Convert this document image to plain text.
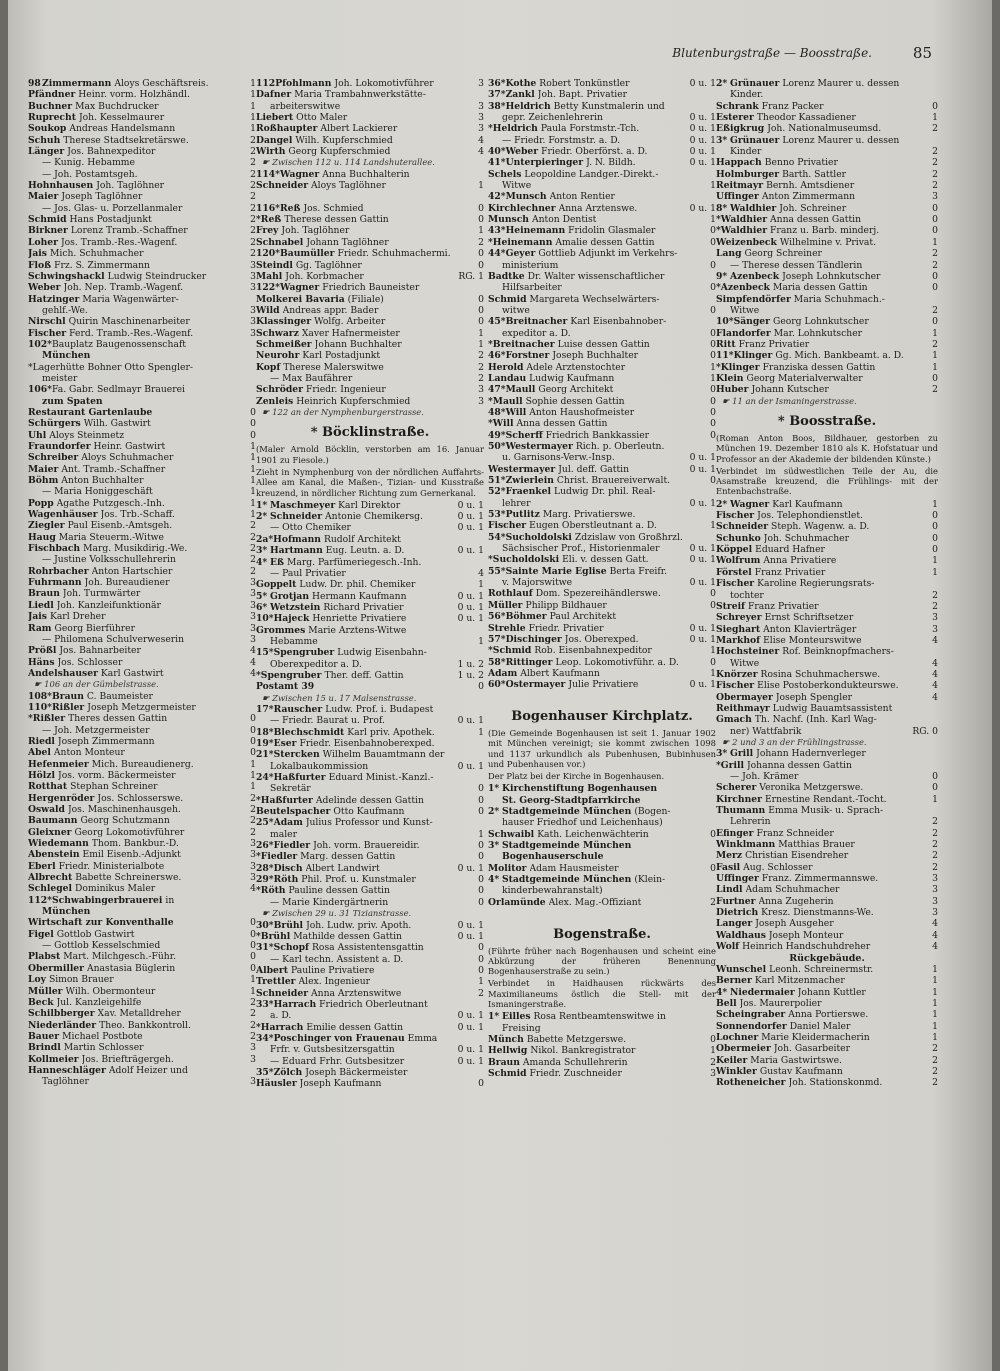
Blutenburgstraße — Boosstraße.	85
98 Zimmermann Aloys Geschäftsreis.	1
Pfändner Heinr. vorm. Holzhändl.	1
Buchner Max Buchdrucker	1
Ruprecht Joh. Kesselmaurer	1
Soukop Andreas Handelsmann	1
Schuh Therese Stadtsekretärswe.	2
Länger Jos. Bahnexpeditor	2
— Kunig. Hebamme	2
— Joh. Postamtsgeh.	2
Hohnhausen Joh. Taglöhner	2
Maier Joseph Taglöhner	2
— Jos. Glas- u. Porzellanmaler	2
Schmid Hans Postadjunkt	2
Birkner Lorenz Tramb.-Schaffner	2
Loher Jos. Tramb.-Res.-Wagenf.	2
Jais Mich. Schuhmacher	2
Floß Frz. S. Zimmermann	3
Schwingshackl Ludwig Steindrucker	3
Weber Joh. Nep. Tramb.-Wagenf.	3
Hatzinger Maria Wagenwärter-
gehlf.-We.	3
Nirschl Quirin Maschinenarbeiter	3
Fischer Ferd. Tramb.-Res.-Wagenf.	3
102* Bauplatz Baugenossenschaft
München
*Lagerhütte Bohner Otto Spengler-
meister
106* Fa. Gabr. Sedlmayr Brauerei
zum Spaten
Restaurant Gartenlaube	0
Schürgers Wilh. Gastwirt	0
Uhl Aloys Steinmetz	0
Fraundorfer Heinr. Gastwirt	1
Schreiber Aloys Schuhmacher	1
Maier Ant. Tramb.-Schaffner	1
Böhm Anton Buchhalter	1
— Maria Honiggeschäft	1
Popp Agathe Putzgesch.-Inh.	1
Wagenhäuser Jos. Trb.-Schaff.	1
Ziegler Paul Eisenb.-Amtsgeh.	2
Haug Maria Steuerm.-Witwe	2
Fischbach Marg. Musikdirig.-We.	2
— Justine Volksschullehrerin	2
Rohrbacher Anton Hartschier	2
Fuhrmann Joh. Bureaudiener	3
Braun Joh. Turmwärter	3
Liedl Joh. Kanzleifunktionär	3
Jais Karl Dreher	3
Ram Georg Bierführer	3
— Philomena Schulverweserin	3
Prößl Jos. Bahnarbeiter	4
Häns Jos. Schlosser	4
Andelshauser Karl Gastwirt	4
☛ 106 an der Gümbelstrasse.
108* Braun C. Baumeister
110* Rißler Joseph Metzgermeister
*Rißler Theres dessen Gattin	0
— Joh. Metzgermeister	0
Riedl Joseph Zimmermann	0
Abel Anton Monteur	0
Hefenmeier Mich. Bureaudienerg.	1
Hölzl Jos. vorm. Bäckermeister	1
Rotthat Stephan Schreiner	1
Hergenröder Jos. Schlosserswe.	2
Oswald Jos. Maschinenhausgeh.	2
Baumann Georg Schutzmann	2
Gleixner Georg Lokomotivführer	2
Wiedemann Thom. Bankbur.-D.	3
Abenstein Emil Eisenb.-Adjunkt	3
Eberl Friedr. Ministerialbote	3
Albrecht Babette Schreinerswe.	3
Schlegel Dominikus Maler	4
112* Schwabingerbrauerei in
München
Wirtschaft zur Konventhalle	0
Figel Gottlob Gastwirt	0
— Gottlob Kesselschmied	0
Plabst Mart. Milchgesch.-Führ.	0
Obermiller Anastasia Büglerin	0
Loy Simon Brauer	1
Müller Wilh. Obermonteur	1
Beck Jul. Kanzleigehilfe	2
Schilbberger Xav. Metalldreher	2
Niederländer Theo. Bankkontroll.	2
Bauer Michael Postbote	2
Brindl Martin Schlosser	3
Kollmeier Jos. Briefträgergeh.	3
Hanneschläger Adolf Heizer und
Taglöhner	3
112 Pfohlmann Joh. Lokomotivführer	3
Dafner Maria Trambahnwerkstätte-
arbeiterswitwe	3
Liebert Otto Maler	3
Roßhaupter Albert Lackierer	3
Dangel Wilh. Kupferschmied	4
Wirth Georg Kupferschmied	4
☛ Zwischen 112 u. 114 Landshuterallee.
114* Wagner Anna Buchhalterin
Schneider Aloys Taglöhner	1
116* Reß Jos. Schmied	0
*Reß Therese dessen Gattin	0
Frey Joh. Taglöhner	1
Schnabel Johann Taglöhner	2
120* Baumüller Friedr. Schuhmachermi.	0
Steindl Gg. Taglöhner	0
Mahl Joh. Korbmacher	RG. 1
122* Wagner Friedrich Bauneister
Molkerei Bavaria (Filiale)	0
Wild Andreas appr. Bader	0
Klassinger Wolfg. Arbeiter	0
Schwarz Xaver Hafnermeister	1
Schmeißer Johann Buchhalter	1
Neurohr Karl Postadjunkt	2
Kopf Therese Malerswitwe	2
— Max Baufährer	2
Schröder Friedr. Ingenieur	3
Zenleis Heinrich Kupferschmied	3
☛ 122 an der Nymphenburgerstrasse.
* Böcklinstraße.
(Maler Arnold Böcklin, verstorben am 16. Januar 1901 zu Fiesole.)
Zieht in Nymphenburg von der nördlichen Auffahrts-Allee am Kanal, die Maßen-, Tizian- und Kusstraße kreuzend, in nördlicher Richtung zum Gernerkanal.
1* Maschmeyer Karl Direktor	0 u. 1
2* Schneider Antonie Chemikersg.	0 u. 1
— Otto Chemiker	0 u. 1
2a* Hofmann Rudolf Architekt
3* Hartmann Eug. Leutn. a. D.	0 u. 1
4* Eß Marg. Parfümeriegesch.-Inh.
— Paul Privatier	4
Goppelt Ludw. Dr. phil. Chemiker	1
5* Grotjan Hermann Kaufmann	0 u. 1
6* Wetzstein Richard Privatier	0 u. 1
10* Hajeck Henriette Privatiere	0 u. 1
Grommes Marie Arztens-Witwe
Hebamme	1
15* Spengruber Ludwig Eisenbahn-
Oberexpeditor a. D.	1 u. 2
*Spengruber Ther. deff. Gattin	1 u. 2
Postamt 39	0
☛ Zwischen 15 u. 17 Malsenstrasse.
17* Rauscher Ludw. Prof. i. Budapest
— Friedr. Baurat u. Prof.	0 u. 1
18* Blechschmidt Karl priv. Apothek.	1
19* Eser Friedr. Eisenbahnoberexped.
21* Stercken Wilhelm Bauamtmann der
Lokalbaukommission	0 u. 1
24* Haßfurter Eduard Minist.-Kanzl.-
Sekretär	0
*Haßfurter Adelinde dessen Gattin	0
Beutelspacher Otto Kaufmann	0
25* Adam Julius Professor und Kunst-
maler	1
26* Fiedler Joh. vorm. Brauereidir.	0
*Fiedler Marg. dessen Gattin	0
28* Disch Albert Landwirt	0 u. 1
29* Röth Phil. Prof. u. Kunstmaler	0
*Röth Pauline dessen Gattin	0
— Marie Kindergärtnerin	0
☛ Zwischen 29 u. 31 Tizianstrasse.
30* Brühl Joh. Ludw. priv. Apoth.	0 u. 1
*Brühl Mathilde dessen Gattin	0 u. 1
31* Schopf Rosa Assistentensgattin	0
— Karl techn. Assistent a. D.	0
Albert Pauline Privatiere	0
Trettler Alex. Ingenieur	1
Schneider Anna Arztenswitwe	2
33* Harrach Friedrich Oberleutnant
a. D.	0 u. 1
*Harrach Emilie dessen Gattin	0 u. 1
34* Poschinger von Frauenau Emma
Frfr. v. Gutsbesitzersgattin	0 u. 1
— Eduard Frhr. Gutsbesitzer	0 u. 1
35* Zölch Joseph Bäckermeister
Häusler Joseph Kaufmann	0
36* Kothe Robert Tonkünstler	0 u. 1
37* Zankl Joh. Bapt. Privatier
38* Heldrich Betty Kunstmalerin und
gepr. Zeichenlehrerin	0 u. 1
*Heldrich Paula Forstmstr.-Tch.	0 u. 1
— Friedr. Forstmstr. a. D.	0 u. 1
40* Weber Friedr. Oberförst. a. D.	0 u. 1
41* Unterpieringer J. N. Bildh.	0 u. 1
Schels Leopoldine Landger.-Direkt.-
Witwe	1
42* Munsch Anton Rentier
Kirchlechner Anna Arztenswe.	0 u. 1
Munsch Anton Dentist	1
43* Heinemann Fridolin Glasmaler	0
*Heinemann Amalie dessen Gattin	0
44* Geyer Gottlieb Adjunkt im Verkehrs-
ministerium	0
Badtke Dr. Walter wissenschaftlicher
Hilfsarbeiter	0
Schmid Margareta Wechselwärters-
witwe	0
45* Breitnacher Karl Eisenbahnober-
expeditor a. D.	0
*Breitnacher Luise dessen Gattin	0
46* Forstner Joseph Buchhalter	0
Herold Adele Arztenstochter	1
Landau Ludwig Kaufmann	1
47* Maull Georg Architekt	0
*Maull Sophie dessen Gattin	0
48* Will Anton Haushofmeister	0
*Will Anna dessen Gattin	0
49* Scherff Friedrich Bankkassier	0
50* Westermayer Rich. p. Oberleutn.
u. Garnisons-Verw.-Insp.	0 u. 1
Westermayer Jul. deff. Gattin	0 u. 1
51* Zwierlein Christ. Brauereiverwalt.	0
52* Fraenkel Ludwig Dr. phil. Real-
lehrer	0 u. 1
53* Putlitz Marg. Privatierswe.
Fischer Eugen Oberstleutnant a. D.	1
54* Sucholdolski Zdzislaw von Großhrzl.
Sächsischer Prof., Historienmaler	0 u. 1
*Sucholdolski Eli. v. dessen Gatt.	0 u. 1
55* Sainte Marie Eglise Berta Freifr.
v. Majorswitwe	0 u. 1
Rothlauf Dom. Spezereihändlerswe.	0
Müller Philipp Bildhauer	0
56* Böhmer Paul Architekt
Strehle Friedr. Privatier	0 u. 1
57* Dischinger Jos. Oberexped.	0 u. 1
*Schmid Rob. Eisenbahnexpeditor	1
58* Rittinger Leop. Lokomotivführ. a. D.	0
Adam Albert Kaufmann	1
60* Ostermayer Julie Privatiere	0 u. 1
Bogenhauser Kirchplatz.
(Die Gemeinde Bogenhausen ist seit 1. Januar 1902 mit München vereinigt; sie kommt zwischen 1098 und 1137 urkundlich als Pubenhusen, Bubinhusen und Pubenhausen vor.)
Der Platz bei der Kirche in Bogenhausen.
1* Kirchenstiftung Bogenhausen
St. Georg-Stadtpfarrkirche
2* Stadtgemeinde München (Bogen-
hauser Friedhof und Leichenhaus)
Schwaibl Kath. Leichenwächterin	0
3* Stadtgemeinde München
Bogenhauserschule
Molitor Adam Hausmeister	0
4* Stadtgemeinde München (Klein-
kinderbewahranstalt)
Orlamünde Alex. Mag.-Offiziant	2
Bogenstraße.
(Führte früher nach Bogenhausen und scheint eine Abkürzung der früheren Benennung Bogenhauserstraße zu sein.)
Verbindet in Haidhausen rückwärts des Maximilianeums östlich die Stell- mit der Ismaningerstraße.
1* Eilles Rosa Rentbeamtenswitwe in
Freising
Münch Babette Metzgerswe.	0
Hellwig Nikol. Bankregistrator	1
Braun Amanda Schullehrerin	2
Schmid Friedr. Zuschneider	3
2* Grünauer Lorenz Maurer u. dessen
Kinder.
Schrank Franz Packer	0
Esterer Theodor Kassadiener	1
Eßigkrug Joh. Nationalmuseumsd.	2
3* Grünauer Lorenz Maurer u. dessen
Kinder	2
Happach Benno Privatier	2
Holmburger Barth. Sattler	2
Reitmayr Bernh. Amtsdiener	2
Uffinger Anton Zimmermann	3
8* Waldhier Joh. Schreiner	0
*Waldhier Anna dessen Gattin	0
*Waldhier Franz u. Barb. minderj.	0
Weizenbeck Wilhelmine v. Privat.	1
Lang Georg Schreiner	2
— Therese dessen Tändlerin	2
9* Azenbeck Joseph Lohnkutscher	0
*Azenbeck Maria dessen Gattin	0
Simpfendörfer Maria Schuhmach.-
Witwe	2
10* Sänger Georg Lohnkutscher	0
Flandorfer Mar. Lohnkutscher	1
Ritt Franz Privatier	2
11* Klinger Gg. Mich. Bankbeamt. a. D.	1
*Klinger Franziska dessen Gattin	1
Klein Georg Materialverwalter	0
Huber Johann Kutscher	2
☛ 11 an der Ismaningerstrasse.
* Boosstraße.
(Roman Anton Boos, Bildhauer, gestorben zu München 19. Dezember 1810 als K. Hofstatuar und Professor an der Akademie der bildenden Künste.)
Verbindet im südwestlichen Teile der Au, die Asamstraße kreuzend, die Frühlings- mit der Entenbachstraße.
2* Wagner Karl Kaufmann	1
Fischer Jos. Telephondienstlet.	0
Schneider Steph. Wagenw. a. D.	0
Schunko Joh. Schuhmacher	0
Köppel Eduard Hafner	0
Wolfrum Anna Privatiere	1
Förstel Franz Privatier	1
Fischer Karoline Regierungsrats-
tochter	2
Streif Franz Privatier	2
Schreyer Ernst Schriftsetzer	3
Sieghart Anton Klavierträger	3
Markhof Elise Monteurswitwe	4
Hochsteiner Rof. Beinknopfmachers-
Witwe	4
Knörzer Rosina Schuhmacherswe.	4
Fischer Elise Postoberkondukteurswe.	4
Obermayer Joseph Spengler	4
Reithmayr Ludwig Bauamtsassistent
Gmach Th. Nachf. (Inh. Karl Wag-
ner) Wattfabrik	RG. 0
☛ 2 und 3 an der Frühlingstrasse.
3* Grill Johann Hadernverleger
*Grill Johanna dessen Gattin
— Joh. Krämer	0
Scherer Veronika Metzgerswe.	0
Kirchner Ernestine Rendant.-Tocht.	1
Thumann Emma Musik- u. Sprach-
Lehrerin	2
Efinger Franz Schneider	2
Winklmann Matthias Brauer	2
Merz Christian Eisendreher	2
Fasil Aug. Schlosser	2
Uffinger Franz. Zimmermannswe.	3
Lindl Adam Schuhmacher	3
Furtner Anna Zugeherin	3
Dietrich Kresz. Dienstmanns-We.	3
Langer Joseph Ausgeher	4
Waldhaus Joseph Monteur	4
Wolf Heinrich Handschuhdreher	4
Rückgebäude.
Wunschel Leonh. Schreinermstr.	1
Berner Karl Mitzenmacher	1
4* Niedermaier Johann Kuttler	1
Bell Jos. Maurerpolier	1
Scheingraber Anna Portierswe.	1
Sonnendorfer Daniel Maler	1
Lochner Marie Kleidermacherin	1
Obermeier Joh. Gasarbeiter	2
Keiler Maria Gastwirtswe.	2
Winkler Gustav Kaufmann	2
Rotheneicher Joh. Stationskonmd.	2
